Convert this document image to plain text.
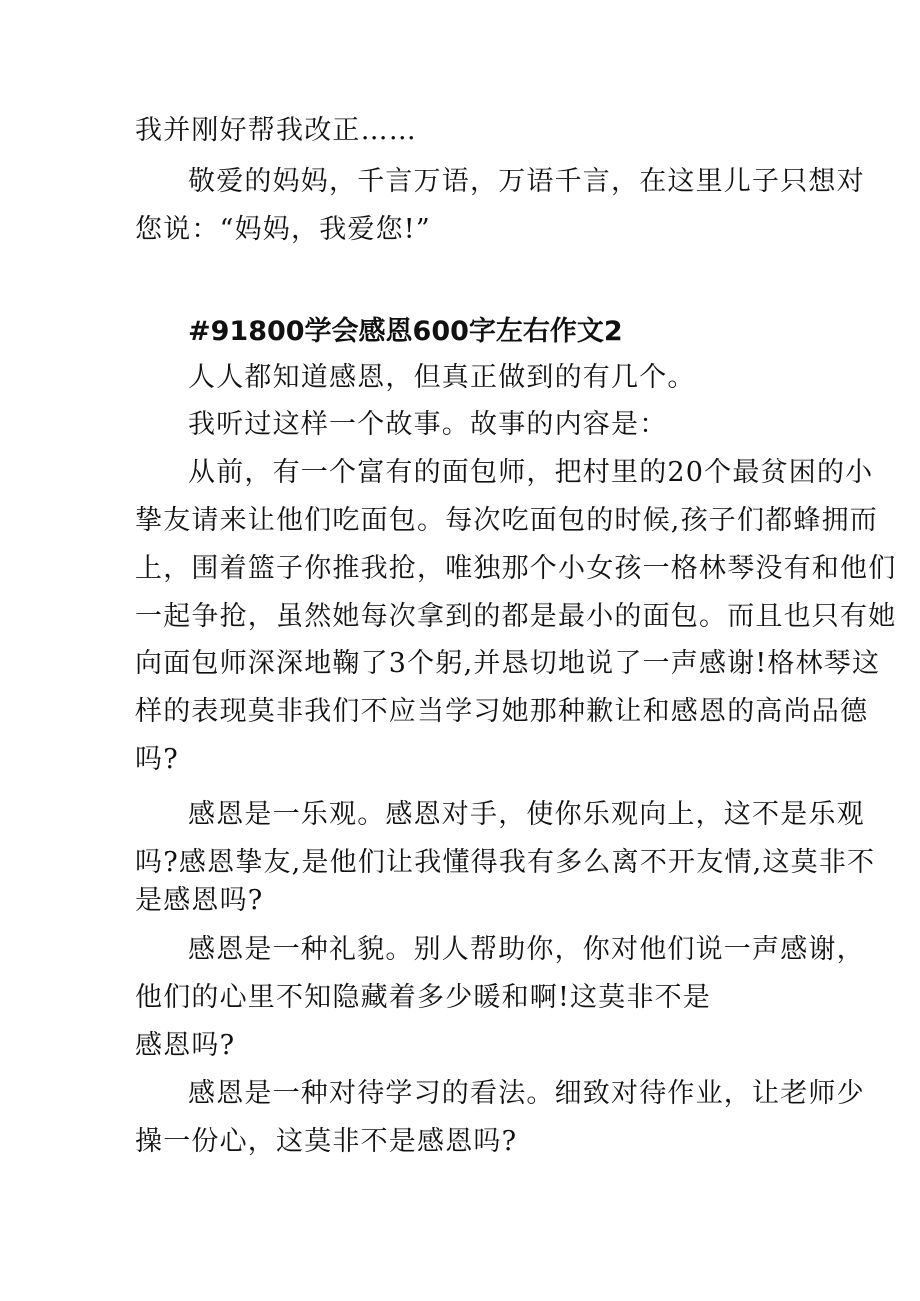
我并刚好帮我改正……
敬爱的妈妈，千言万语，万语千言，在这里儿子只想对
您说：“妈妈，我爱您!”
#91800学会感恩600字左右作文2
人人都知道感恩，但真正做到的有几个。
我听过这样一个故事。故事的内容是：
从前，有一个富有的面包师，把村里的20个最贫困的小
挚友请来让他们吃面包。每次吃面包的时候,孩子们都蜂拥而
上，围着篮子你推我抢，唯独那个小女孩一格林琴没有和他们
一起争抢，虽然她每次拿到的都是最小的面包。而且也只有她
向面包师深深地鞠了3个躬,并恳切地说了一声感谢!格林琴这
样的表现莫非我们不应当学习她那种歉让和感恩的高尚品德
吗?
感恩是一乐观。感恩对手，使你乐观向上，这不是乐观
吗?感恩挚友,是他们让我懂得我有多么离不开友情,这莫非不
是感恩吗?
感恩是一种礼貌。别人帮助你，你对他们说一声感谢，
他们的心里不知隐藏着多少暖和啊!这莫非不是
感恩吗?
感恩是一种对待学习的看法。细致对待作业，让老师少
操一份心，这莫非不是感恩吗?
